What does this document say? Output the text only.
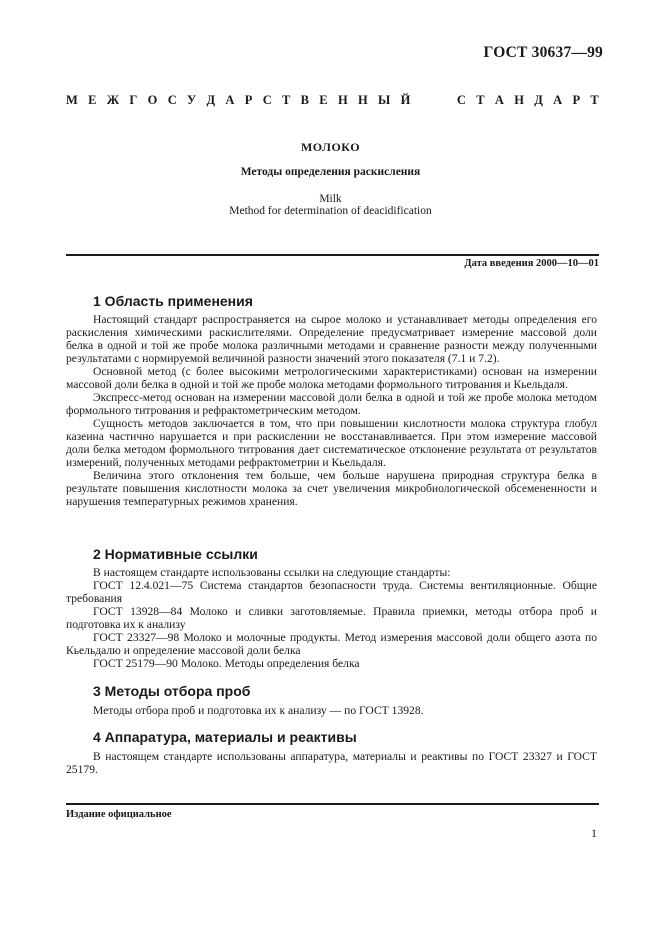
ГОСТ 30637—99
М Е Ж Г О С У Д А Р С Т В Е Н Н Ы Й	С Т А Н Д А Р Т
МОЛОКО
Методы определения раскисления
Milk
Method for determination of deacidification
Дата введения 2000—10—01
1 Область применения

Настоящий стандарт распространяется на сырое молоко и устанавливает методы определения его раскисления химическими раскислителями. Определение предусматривает измерение массовой доли белка в одной и той же пробе молока различными методами и сравнение разности между полученными результатами с нормируемой величиной разности значений этого показателя (7.1 и 7.2).

Основной метод (с более высокими метрологическими характеристиками) основан на измерении массовой доли белка в одной и той же пробе молока методами формольного титрования и Кьельдаля.

Экспресс-метод основан на измерении массовой доли белка в одной и той же пробе молока методом формольного титрования и рефрактометрическим методом.

Сущность методов заключается в том, что при повышении кислотности молока структура глобул казеина частично нарушается и при раскислении не восстанавливается. При этом измерение массовой доли белка методом формольного титрования дает систематическое отклонение результата от результатов измерений, полученных методами рефрактометрии и Кьельдаля.

Величина этого отклонения тем больше, чем больше нарушена природная структура белка в результате повышения кислотности молока за счет увеличения микробиологической обсемененности и нарушения температурных режимов хранения.

2 Нормативные ссылки

В настоящем стандарте использованы ссылки на следующие стандарты:

ГОСТ 12.4.021—75 Система стандартов безопасности труда. Системы вентиляционные. Общие требования

ГОСТ 13928—84 Молоко и сливки заготовляемые. Правила приемки, методы отбора проб и подготовка их к анализу

ГОСТ 23327—98 Молоко и молочные продукты. Метод измерения массовой доли общего азота по Кьельдалю и определение массовой доли белка

ГОСТ 25179—90 Молоко. Методы определения белка

3 Методы отбора проб

Методы отбора проб и подготовка их к анализу — по ГОСТ 13928.

4 Аппаратура, материалы и реактивы

В настоящем стандарте использованы аппаратура, материалы и реактивы по ГОСТ 23327 и ГОСТ 25179.

Издание официальное
1
